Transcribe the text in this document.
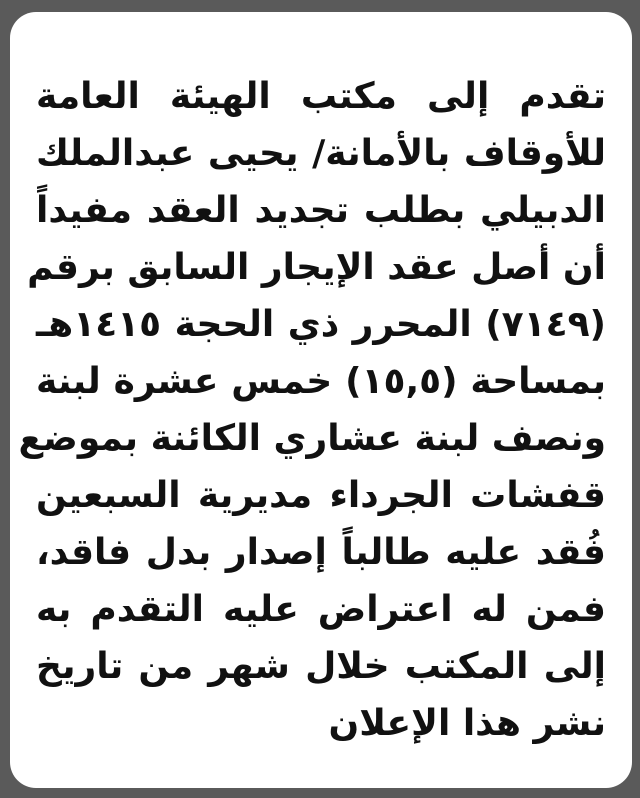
تقدم إلى مكتب الهيئة العامة
للأوقاف بالأمانة/ يحيى عبدالملك
الدبيلي بطلب تجديد العقد مفيداً
أن أصل عقد الإيجار السابق برقم
(٧١٤٩) المحرر ذي الحجة ١٤١٥هـ
بمساحة (١٥,٥) خمس عشرة لبنة
ونصف لبنة عشاري الكائنة بموضع
قفشات الجرداء مديرية السبعين
فُقد عليه طالباً إصدار بدل فاقد،
فمن له اعتراض عليه التقدم به
إلى المكتب خلال شهر من تاريخ
نشر هذا الإعلان
